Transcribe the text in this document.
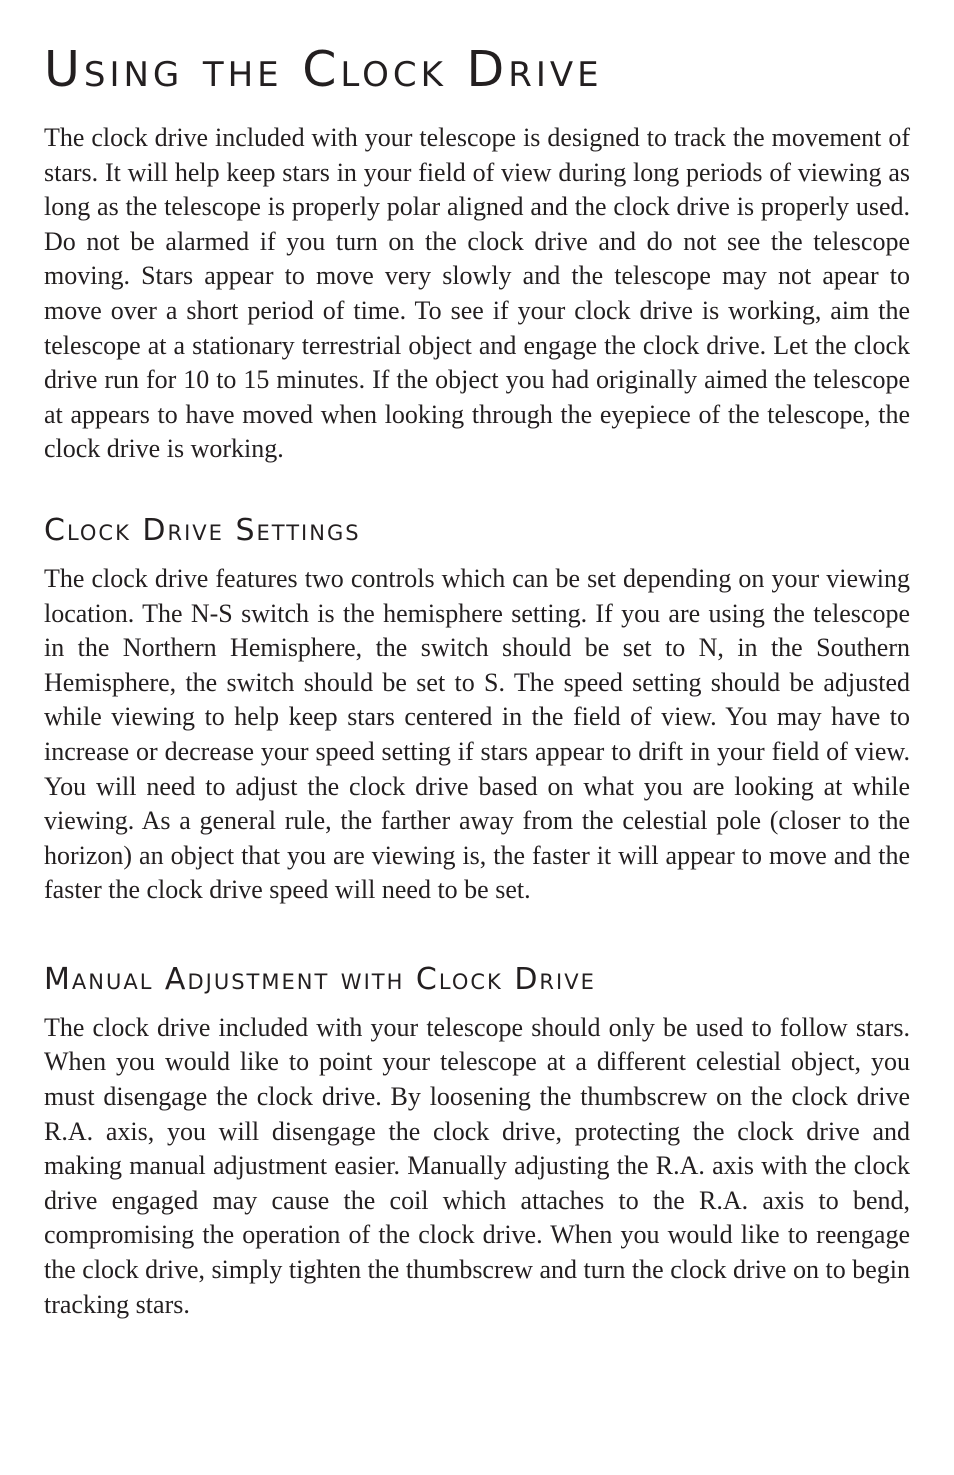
Using the Clock Drive

The clock drive included with your telescope is designed to track the movement of stars. It will help keep stars in your field of view during long periods of viewing as long as the telescope is properly polar aligned and the clock drive is properly used. Do not be alarmed if you turn on the clock drive and do not see the telescope moving. Stars appear to move very slowly and the telescope may not apear to move over a short period of time. To see if your clock drive is working, aim the telescope at a stationary terrestrial object and engage the clock drive. Let the clock drive run for 10 to 15 minutes. If the object you had originally aimed the telescope at appears to have moved when looking through the eyepiece of the telescope, the clock drive is working.

Clock Drive Settings

The clock drive features two controls which can be set depending on your viewing location. The N-S switch is the hemisphere setting. If you are using the telescope in the Northern Hemisphere, the switch should be set to N, in the Southern Hemisphere, the switch should be set to S. The speed setting should be adjusted while viewing to help keep stars centered in the field of view. You may have to increase or decrease your speed setting if stars appear to drift in your field of view. You will need to adjust the clock drive based on what you are looking at while viewing. As a general rule, the farther away from the celestial pole (closer to the horizon) an object that you are viewing is, the faster it will appear to move and the faster the clock drive speed will need to be set.

Manual Adjustment with Clock Drive

The clock drive included with your telescope should only be used to follow stars. When you would like to point your telescope at a different celestial object, you must disengage the clock drive. By loosening the thumbscrew on the clock drive R.A. axis, you will disengage the clock drive, protecting the clock drive and making manual adjustment easier. Manually adjusting the R.A. axis with the clock drive engaged may cause the coil which attaches to the R.A. axis to bend, compromising the operation of the clock drive. When you would like to reengage the clock drive, simply tighten the thumbscrew and turn the clock drive on to begin tracking stars.
